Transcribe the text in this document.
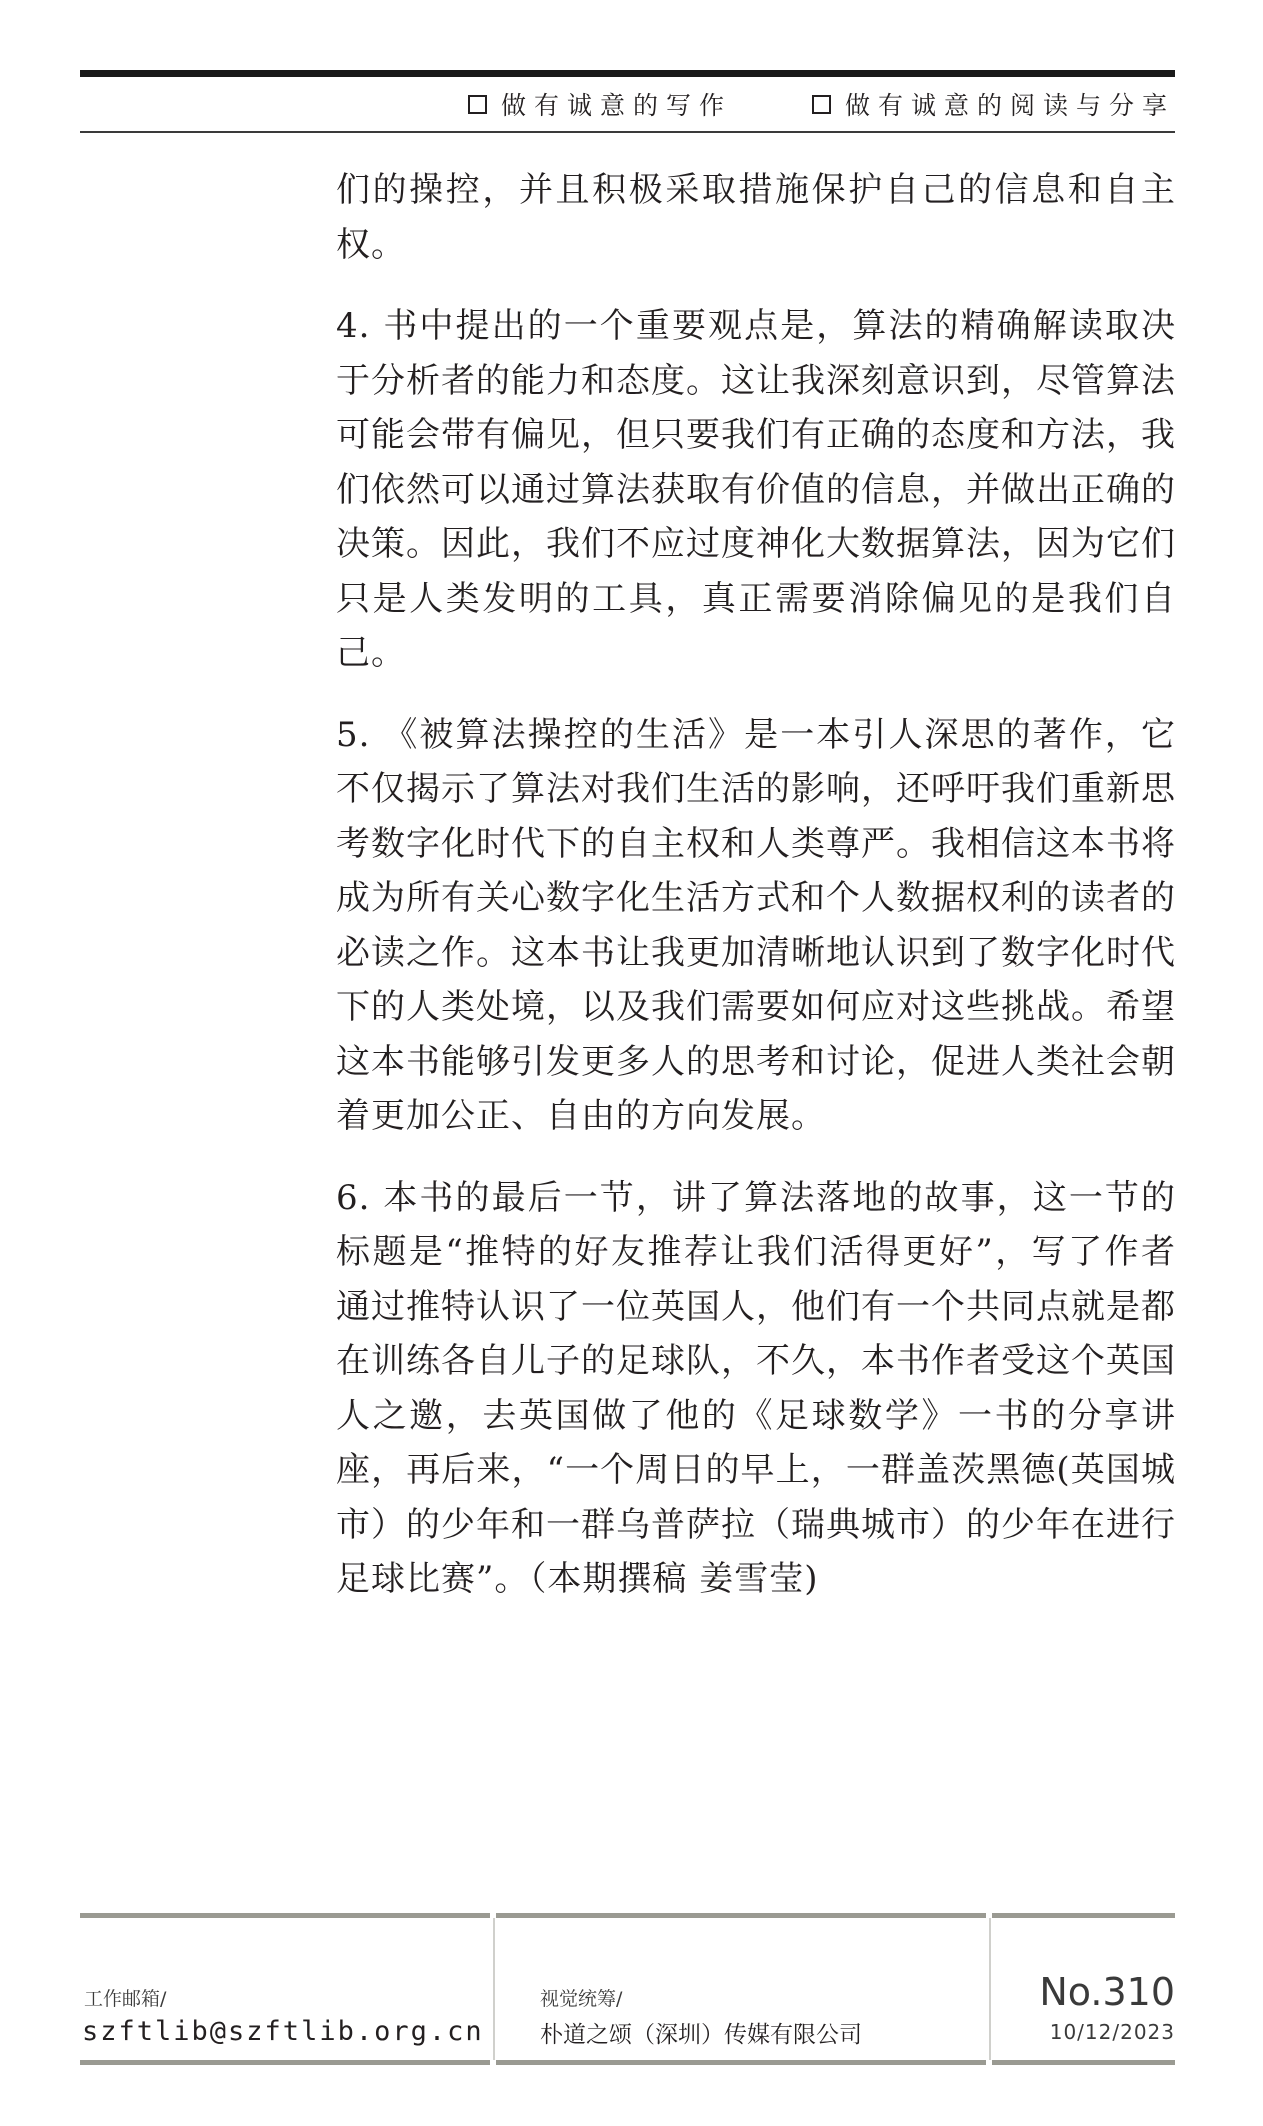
做有诚意的写作	做有诚意的阅读与分享

们的操控，并且积极采取措施保护自己的信息和自主权。

4. 书中提出的一个重要观点是，算法的精确解读取决于分析者的能力和态度。这让我深刻意识到，尽管算法可能会带有偏见，但只要我们有正确的态度和方法，我们依然可以通过算法获取有价值的信息，并做出正确的决策。因此，我们不应过度神化大数据算法，因为它们只是人类发明的工具，真正需要消除偏见的是我们自己。

5. 《被算法操控的生活》是一本引人深思的著作，它不仅揭示了算法对我们生活的影响，还呼吁我们重新思考数字化时代下的自主权和人类尊严。我相信这本书将成为所有关心数字化生活方式和个人数据权利的读者的必读之作。这本书让我更加清晰地认识到了数字化时代下的人类处境，以及我们需要如何应对这些挑战。希望这本书能够引发更多人的思考和讨论，促进人类社会朝着更加公正、自由的方向发展。

6. 本书的最后一节，讲了算法落地的故事，这一节的标题是“推特的好友推荐让我们活得更好”，写了作者通过推特认识了一位英国人，他们有一个共同点就是都在训练各自儿子的足球队，不久，本书作者受这个英国人之邀，去英国做了他的《足球数学》一书的分享讲座，再后来，“一个周日的早上，一群盖茨黑德(英国城市）的少年和一群乌普萨拉（瑞典城市）的少年在进行足球比赛”。（本期撰稿 姜雪莹)

工作邮箱/
szftlib@szftlib.org.cn
视觉统筹/
朴道之颂（深圳）传媒有限公司
No.310
10/12/2023
